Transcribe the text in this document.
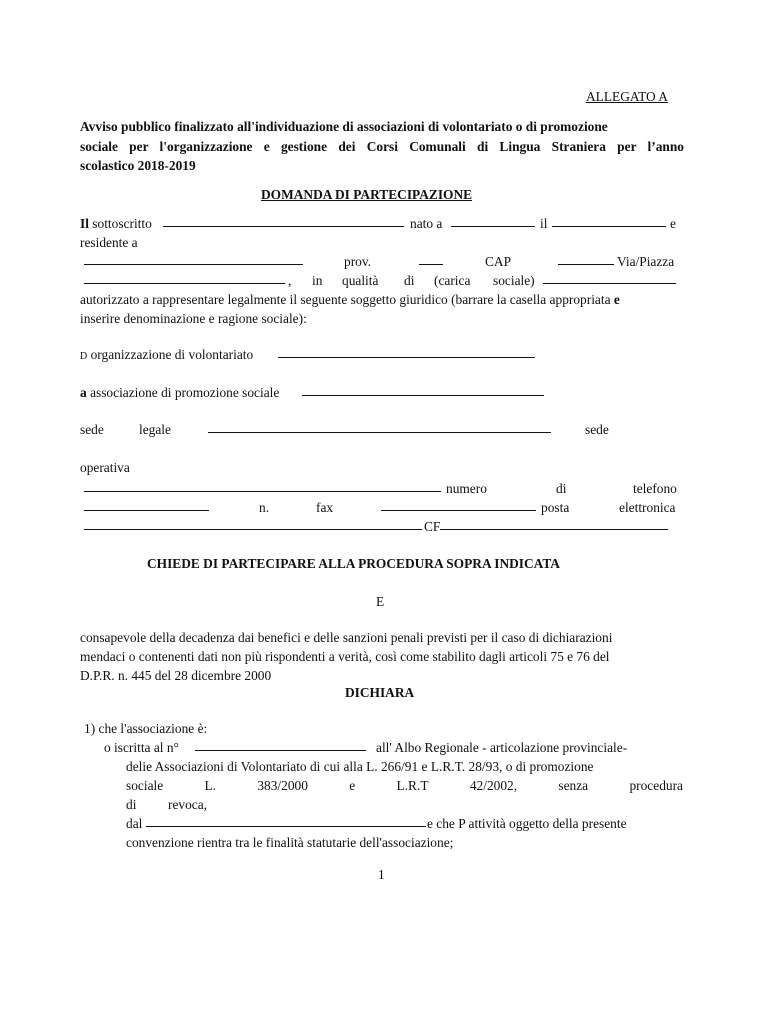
ALLEGATO A
Avviso pubblico finalizzato all'individuazione di associazioni di volontariato o di promozione
sociale per l'organizzazione e gestione dei Corsi Comunali di Lingua Straniera per l’anno
scolastico 2018-2019
DOMANDA DI PARTECIPAZIONE
Il sottoscritto	nato a	il	e
residente a
prov.	CAP	Via/Piazza
, in qualità di (carica sociale)
autorizzato a rappresentare legalmente il seguente soggetto giuridico (barrare la casella appropriata e
inserire denominazione e ragione sociale):
D organizzazione di volontariato
a associazione di promozione sociale
sede	legale	sede
operativa
numero	di	telefono
n.	fax	posta	elettronica
CF
CHIEDE DI PARTECIPARE ALLA PROCEDURA SOPRA INDICATA
E
consapevole della decadenza dai benefici e delle sanzioni penali previsti per il caso di dichiarazioni
mendaci o contenenti dati non più rispondenti a verità, così come stabilito dagli articoli 75 e 76 del
D.P.R. n. 445 del 28 dicembre 2000
DICHIARA
1) che l'associazione è:
o iscritta al n°	all' Albo Regionale - articolazione provinciale-
delie Associazioni di Volontariato di cui alla L. 266/91 e L.R.T. 28/93, o di promozione
sociale	L.	383/2000	e	L.R.T	42/2002,	senza	procedura
di revoca,
dal	e che P attività oggetto della presente
convenzione rientra tra le finalità statutarie dell'associazione;
1
